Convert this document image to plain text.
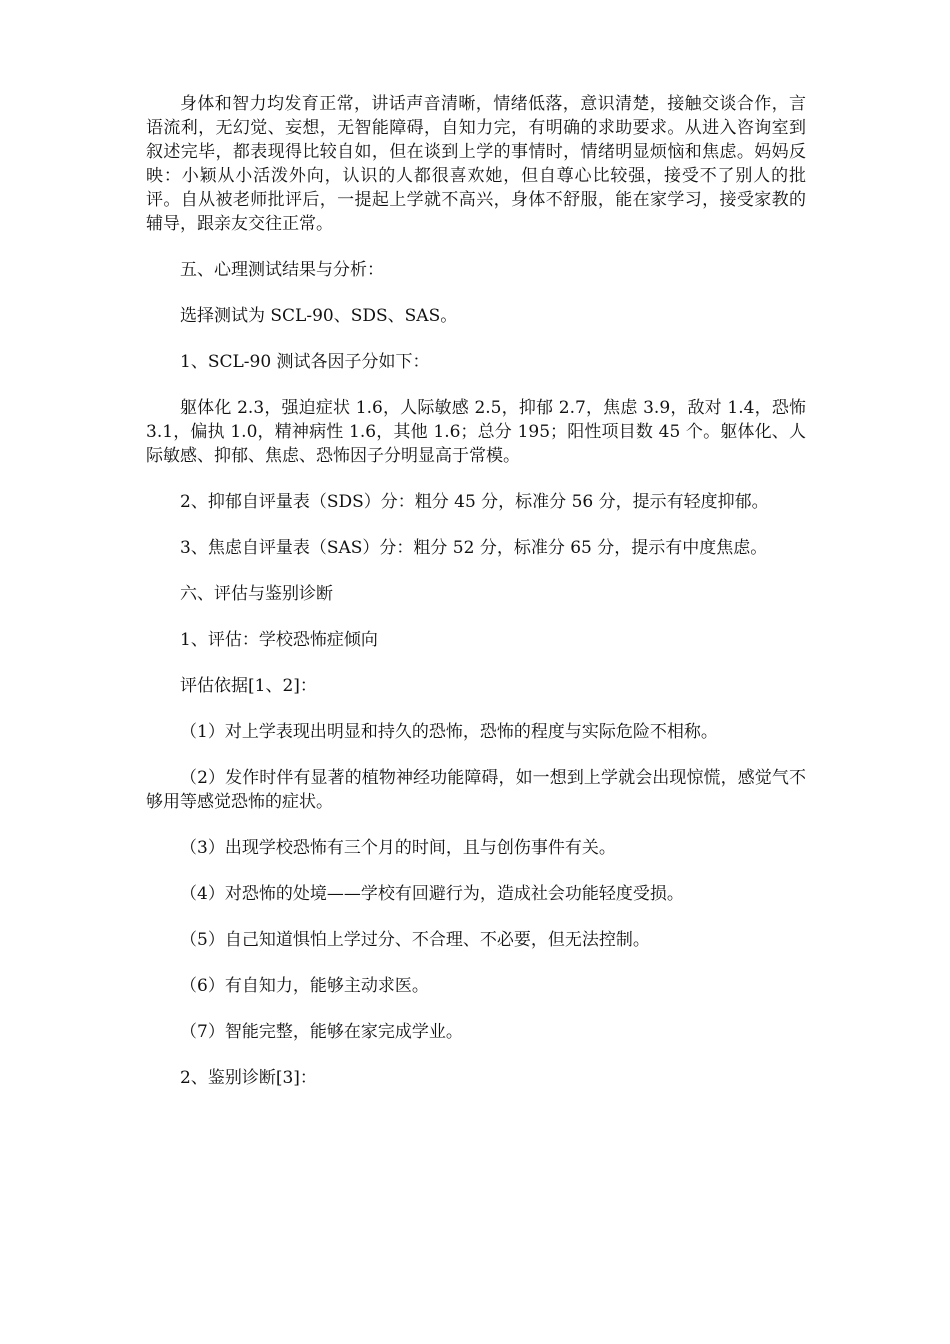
身体和智力均发育正常，讲话声音清晰，情绪低落，意识清楚，接触交谈合作，言语流利，无幻觉、妄想，无智能障碍，自知力完，有明确的求助要求。从进入咨询室到叙述完毕，都表现得比较自如，但在谈到上学的事情时，情绪明显烦恼和焦虑。妈妈反映：小颖从小活泼外向，认识的人都很喜欢她，但自尊心比较强，接受不了别人的批评。自从被老师批评后，一提起上学就不高兴，身体不舒服，能在家学习，接受家教的辅导，跟亲友交往正常。

五、心理测试结果与分析：

选择测试为 SCL-90、SDS、SAS。

1、SCL-90 测试各因子分如下：

躯体化 2.3，强迫症状 1.6，人际敏感 2.5，抑郁 2.7，焦虑 3.9，敌对 1.4，恐怖 3.1，偏执 1.0，精神病性 1.6，其他 1.6；总分 195；阳性项目数 45 个。躯体化、人际敏感、抑郁、焦虑、恐怖因子分明显高于常模。

2、抑郁自评量表（SDS）分：粗分 45 分，标准分 56 分，提示有轻度抑郁。

3、焦虑自评量表（SAS）分：粗分 52 分，标准分 65 分，提示有中度焦虑。

六、评估与鉴别诊断

1、评估：学校恐怖症倾向

评估依据[1、2]：

（1）对上学表现出明显和持久的恐怖，恐怖的程度与实际危险不相称。

（2）发作时伴有显著的植物神经功能障碍，如一想到上学就会出现惊慌，感觉气不够用等感觉恐怖的症状。

（3）出现学校恐怖有三个月的时间，且与创伤事件有关。

（4）对恐怖的处境——学校有回避行为，造成社会功能轻度受损。

（5）自己知道惧怕上学过分、不合理、不必要，但无法控制。

（6）有自知力，能够主动求医。

（7）智能完整，能够在家完成学业。

2、鉴别诊断[3]：
